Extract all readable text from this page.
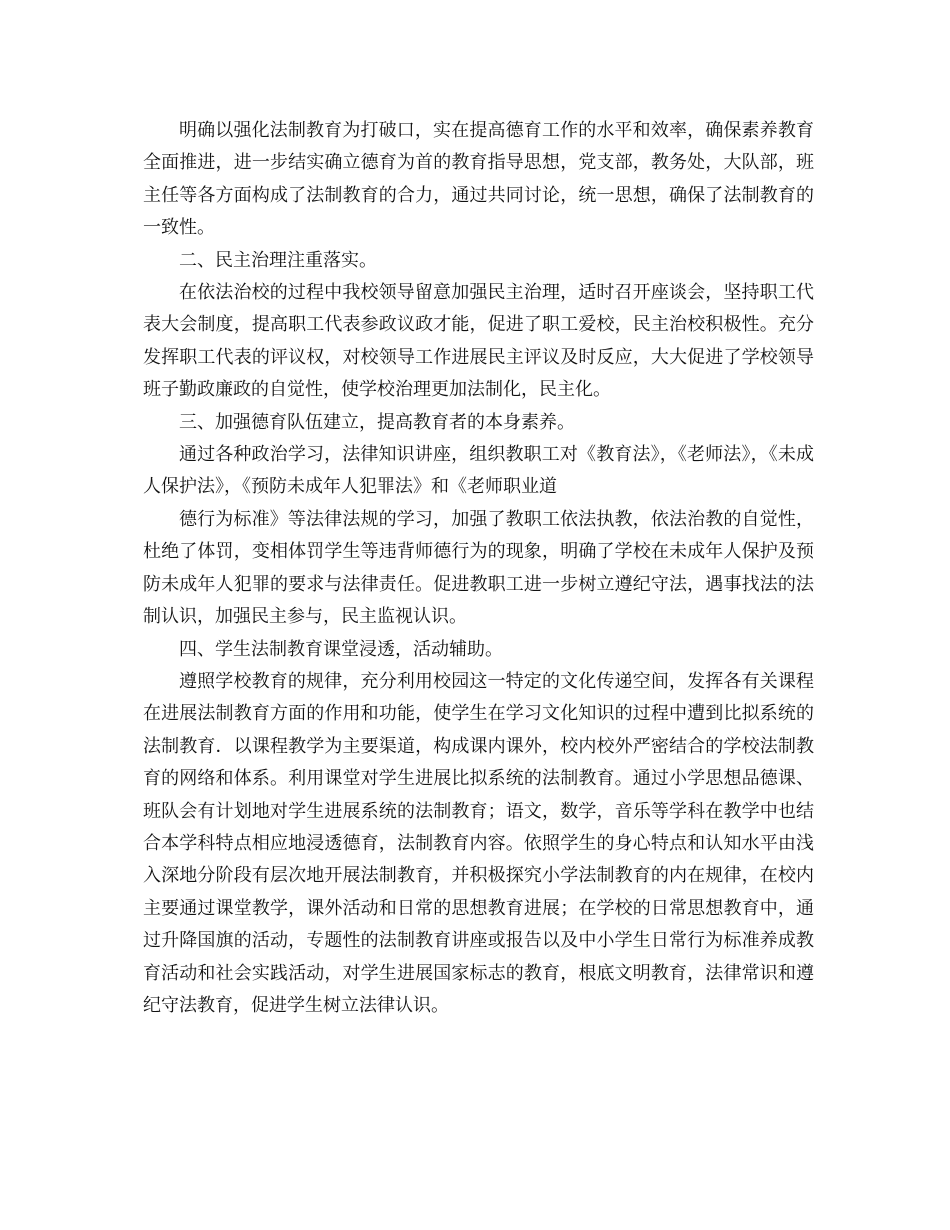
明确以强化法制教育为打破口，实在提高德育工作的水平和效率，确保素养教育全面推进，进一步结实确立德育为首的教育指导思想，党支部，教务处，大队部，班主任等各方面构成了法制教育的合力，通过共同讨论，统一思想，确保了法制教育的一致性。

二、民主治理注重落实。

在依法治校的过程中我校领导留意加强民主治理，适时召开座谈会，坚持职工代表大会制度，提高职工代表参政议政才能，促进了职工爱校，民主治校积极性。充分发挥职工代表的评议权，对校领导工作进展民主评议及时反应，大大促进了学校领导班子勤政廉政的自觉性，使学校治理更加法制化，民主化。

三、加强德育队伍建立，提高教育者的本身素养。

通过各种政治学习，法律知识讲座，组织教职工对《教育法》，《老师法》，《未成人保护法》，《预防未成年人犯罪法》和《老师职业道

德行为标准》等法律法规的学习，加强了教职工依法执教，依法治教的自觉性，杜绝了体罚，变相体罚学生等违背师德行为的现象，明确了学校在未成年人保护及预防未成年人犯罪的要求与法律责任。促进教职工进一步树立遵纪守法，遇事找法的法制认识，加强民主参与，民主监视认识。

四、学生法制教育课堂浸透，活动辅助。

遵照学校教育的规律，充分利用校园这一特定的文化传递空间，发挥各有关课程在进展法制教育方面的作用和功能，使学生在学习文化知识的过程中遭到比拟系统的法制教育．以课程教学为主要渠道，构成课内课外，校内校外严密结合的学校法制教育的网络和体系。利用课堂对学生进展比拟系统的法制教育。通过小学思想品德课、班队会有计划地对学生进展系统的法制教育；语文，数学，音乐等学科在教学中也结合本学科特点相应地浸透德育，法制教育内容。依照学生的身心特点和认知水平由浅入深地分阶段有层次地开展法制教育，并积极探究小学法制教育的内在规律，在校内主要通过课堂教学，课外活动和日常的思想教育进展；在学校的日常思想教育中，通过升降国旗的活动，专题性的法制教育讲座或报告以及中小学生日常行为标准养成教育活动和社会实践活动，对学生进展国家标志的教育，根底文明教育，法律常识和遵纪守法教育，促进学生树立法律认识。
